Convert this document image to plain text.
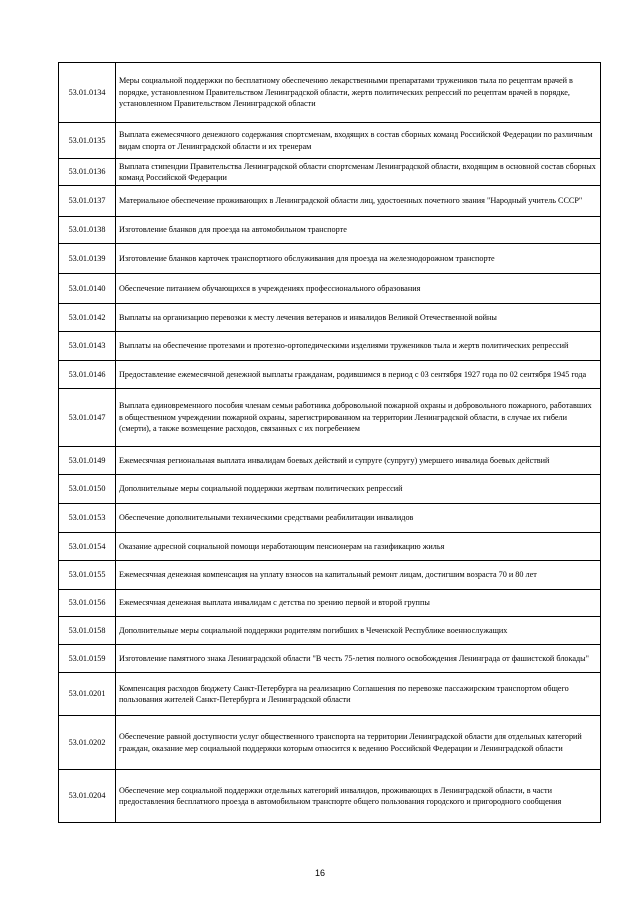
53.01.0134	Меры социальной поддержки по бесплатному обеспечению лекарственными препаратами тружеников тыла по рецептам врачей в порядке, установленном Правительством Ленинградской области, жертв политических репрессий по рецептам врачей в порядке, установленном Правительством Ленинградской области
53.01.0135	Выплата ежемесячного денежного содержания спортсменам, входящих в состав сборных команд Российской Федерации по различным видам спорта от Ленинградской области и их тренерам
53.01.0136	Выплата стипендии Правительства Ленинградской области спортсменам Ленинградской области, входящим в основной состав сборных команд Российской Федерации
53.01.0137	Материальное обеспечение проживающих в Ленинградской области лиц, удостоенных почетного звания "Народный учитель СССР"
53.01.0138	Изготовление бланков для проезда на автомобильном транспорте
53.01.0139	Изготовление бланков карточек транспортного обслуживания для проезда на железнодорожном транспорте
53.01.0140	Обеспечение питанием обучающихся в учреждениях профессионального образования
53.01.0142	Выплаты на организацию перевозки к месту лечения ветеранов и инвалидов Великой Отечественной войны
53.01.0143	Выплаты на обеспечение протезами и протезно-ортопедическими изделиями тружеников тыла и жертв политических репрессий
53.01.0146	Предоставление ежемесячной денежной выплаты гражданам, родившимся в период с 03 сентября 1927 года по 02 сентября 1945 года
53.01.0147	Выплата единовременного пособия членам семьи работника добровольной пожарной охраны и добровольного пожарного, работавших в общественном учреждении пожарной охраны, зарегистрированном на территории Ленинградской области, в случае их гибели (смерти), а также возмещение расходов, связанных с их погребением
53.01.0149	Ежемесячная региональная выплата инвалидам боевых действий и супруге (супругу) умершего инвалида боевых действий
53.01.0150	Дополнительные меры социальной поддержки жертвам политических репрессий
53.01.0153	Обеспечение дополнительными техническими средствами реабилитации инвалидов
53.01.0154	Оказание адресной социальной помощи неработающим пенсионерам на газификацию жилья
53.01.0155	Ежемесячная денежная компенсация на уплату взносов на капитальный ремонт лицам, достигшим возраста 70 и 80 лет
53.01.0156	Ежемесячная денежная выплата инвалидам с детства по зрению первой и второй группы
53.01.0158	Дополнительные меры социальной поддержки родителям погибших в Чеченской Республике военнослужащих
53.01.0159	Изготовление памятного знака Ленинградской области "В честь 75-летия полного освобождения Ленинграда от фашистской блокады"
53.01.0201	Компенсация расходов бюджету Санкт-Петербурга на реализацию Соглашения по перевозке пассажирским транспортом общего пользования жителей Санкт-Петербурга и Ленинградской области
53.01.0202	Обеспечение равной доступности услуг общественного транспорта на территории Ленинградской области для отдельных категорий граждан, оказание мер социальной поддержки которым относится к ведению Российской Федерации и Ленинградской области
53.01.0204	Обеспечение мер социальной поддержки отдельных категорий инвалидов, проживающих в Ленинградской области, в части предоставления бесплатного проезда в автомобильном транспорте общего пользования городского и пригородного сообщения
16
